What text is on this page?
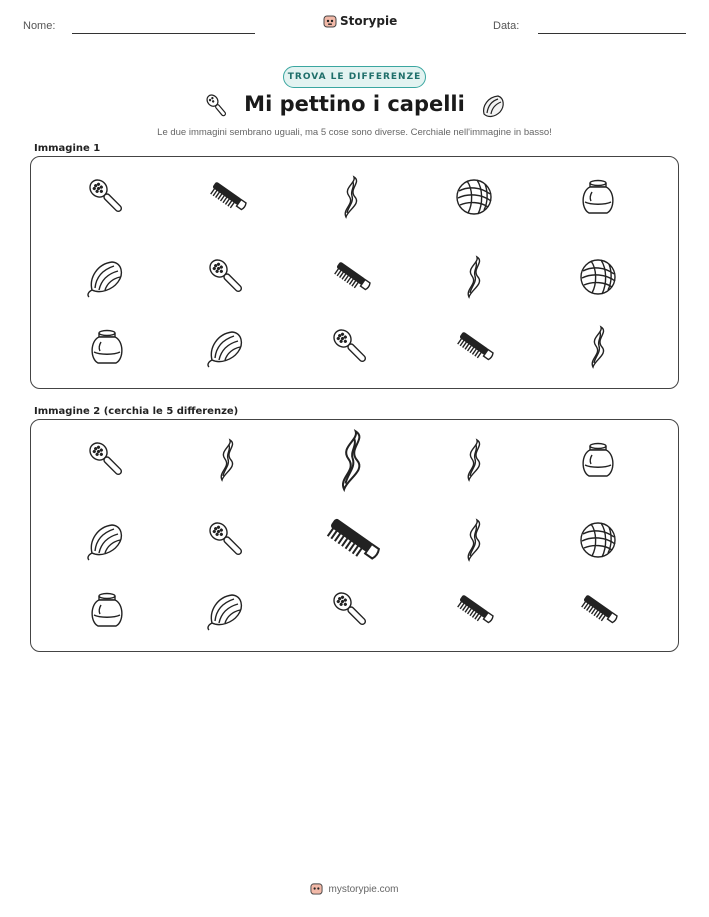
Nome:	Storypie	Data:
TROVA LE DIFFERENZE
Mi pettino i capelli
Le due immagini sembrano uguali, ma 5 cose sono diverse. Cerchiale nell'immagine in basso!
Immagine 1
Immagine 2 (cerchia le 5 differenze)
mystorypie.com
